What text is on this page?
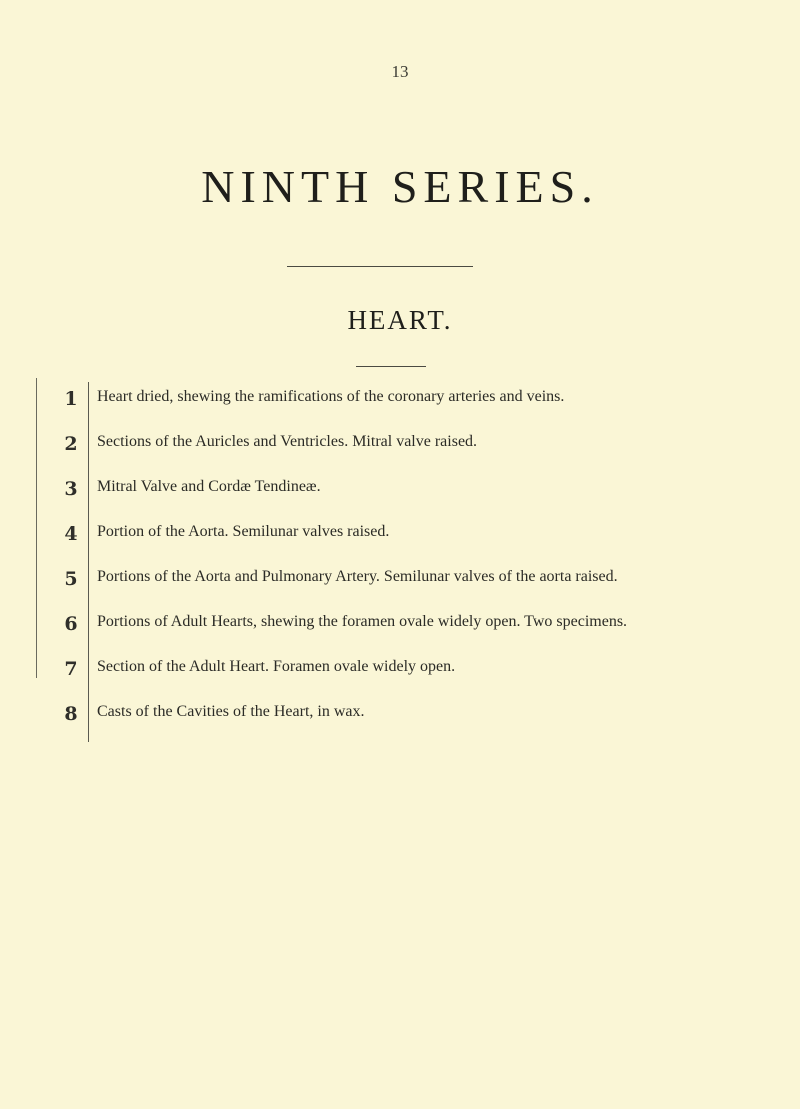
13
NINTH SERIES.
HEART.
1	Heart dried, shewing the ramifications of the coronary arteries and veins.
2	Sections of the Auricles and Ventricles. Mitral valve raised.
3	Mitral Valve and Cordæ Tendineæ.
4	Portion of the Aorta. Semilunar valves raised.
5	Portions of the Aorta and Pulmonary Artery. Semilunar valves of the aorta raised.
6	Portions of Adult Hearts, shewing the foramen ovale widely open. Two specimens.
7	Section of the Adult Heart. Foramen ovale widely open.
8	Casts of the Cavities of the Heart, in wax.
